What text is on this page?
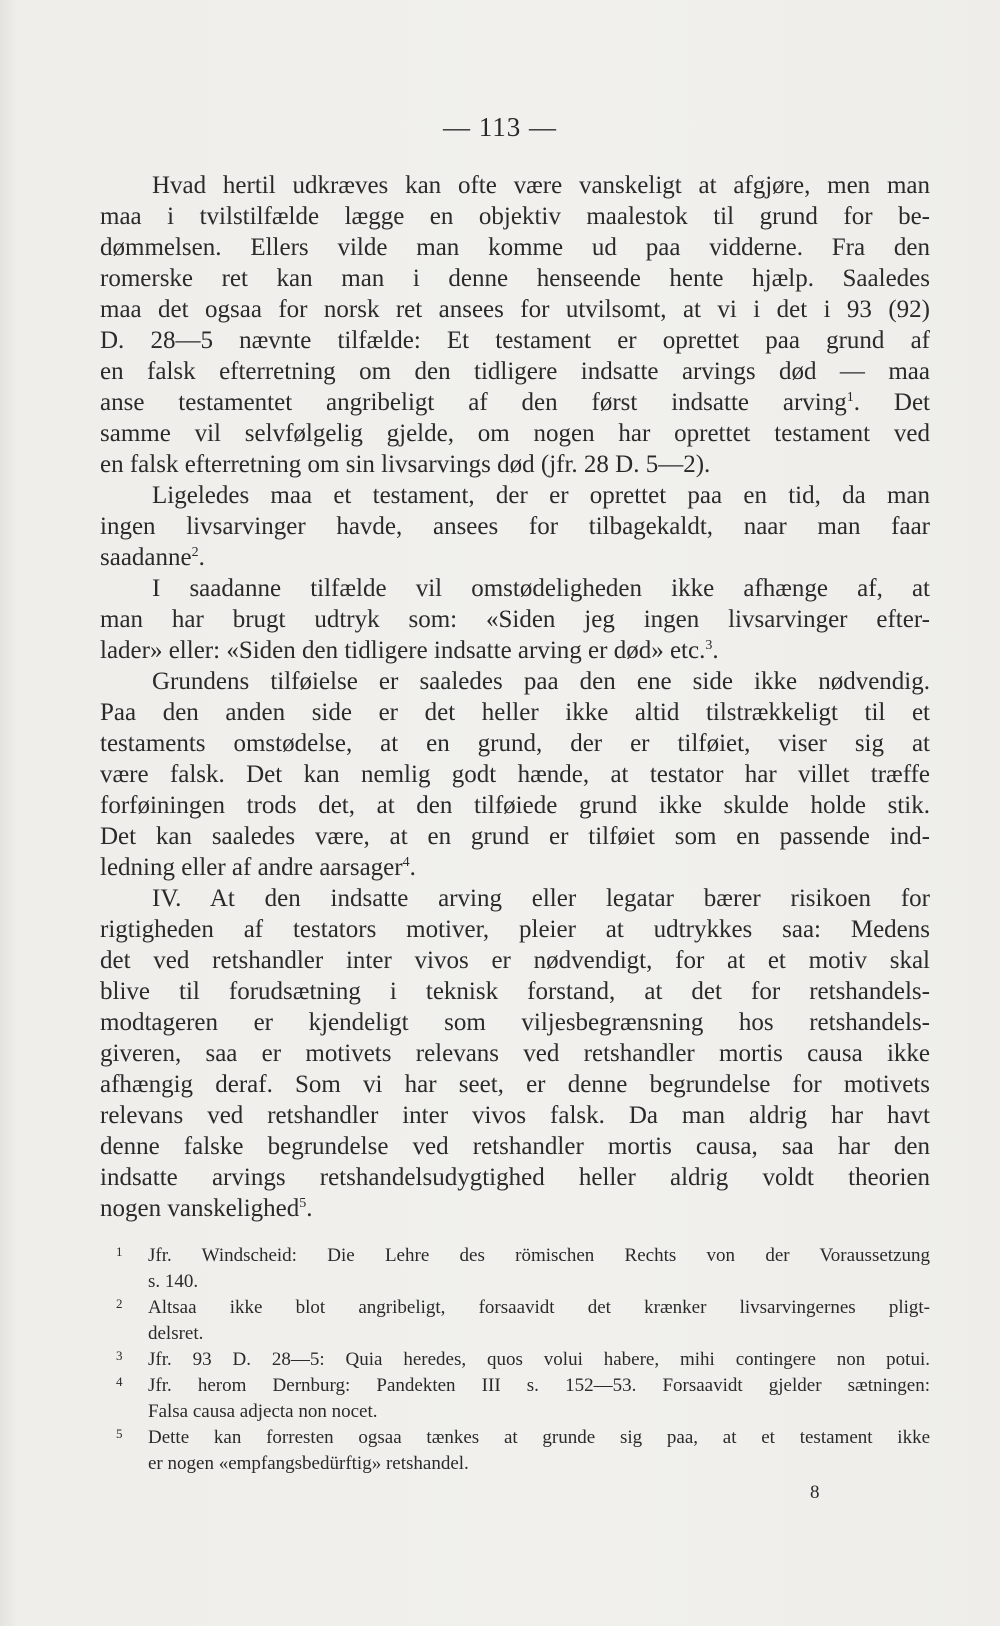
— 113 —
Hvad hertil udkræves kan ofte være vanskeligt at afgjøre, men man
maa i tvilstilfælde lægge en objektiv maalestok til grund for be-
dømmelsen. Ellers vilde man komme ud paa vidderne. Fra den
romerske ret kan man i denne henseende hente hjælp. Saaledes
maa det ogsaa for norsk ret ansees for utvilsomt, at vi i det i 93 (92)
D. 28—5 nævnte tilfælde: Et testament er oprettet paa grund af
en falsk efterretning om den tidligere indsatte arvings død — maa
anse testamentet angribeligt af den først indsatte arving$^1$. Det
samme vil selvfølgelig gjelde, om nogen har oprettet testament ved
en falsk efterretning om sin livsarvings død (jfr. 28 D. 5—2).
Ligeledes maa et testament, der er oprettet paa en tid, da man
ingen livsarvinger havde, ansees for tilbagekaldt, naar man faar
saadanne$^2$.
I saadanne tilfælde vil omstødeligheden ikke afhænge af, at
man har brugt udtryk som: «Siden jeg ingen livsarvinger efter-
lader» eller: «Siden den tidligere indsatte arving er død» etc.$^3$.
Grundens tilføielse er saaledes paa den ene side ikke nødvendig.
Paa den anden side er det heller ikke altid tilstrækkeligt til et
testaments omstødelse, at en grund, der er tilføiet, viser sig at
være falsk. Det kan nemlig godt hænde, at testator har villet træffe
forføiningen trods det, at den tilføiede grund ikke skulde holde stik.
Det kan saaledes være, at en grund er tilføiet som en passende ind-
ledning eller af andre aarsager$^4$.
IV. At den indsatte arving eller legatar bærer risikoen for
rigtigheden af testators motiver, pleier at udtrykkes saa: Medens
det ved retshandler inter vivos er nødvendigt, for at et motiv skal
blive til forudsætning i teknisk forstand, at det for retshandels-
modtageren er kjendeligt som viljesbegrænsning hos retshandels-
giveren, saa er motivets relevans ved retshandler mortis causa ikke
afhængig deraf. Som vi har seet, er denne begrundelse for motivets
relevans ved retshandler inter vivos falsk. Da man aldrig har havt
denne falske begrundelse ved retshandler mortis causa, saa har den
indsatte arvings retshandelsudygtighed heller aldrig voldt theorien
nogen vanskelighed$^5$.
1 Jfr. Windscheid: Die Lehre des römischen Rechts von der Voraussetzung
s. 140.
2 Altsaa ikke blot angribeligt, forsaavidt det krænker livsarvingernes pligt-
delsret.
3 Jfr. 93 D. 28—5: Quia heredes, quos volui habere, mihi contingere non potui.
4 Jfr. herom Dernburg: Pandekten III s. 152—53. Forsaavidt gjelder sætningen:
Falsa causa adjecta non nocet.
5 Dette kan forresten ogsaa tænkes at grunde sig paa, at et testament ikke
er nogen «empfangsbedürftig» retshandel.
8
